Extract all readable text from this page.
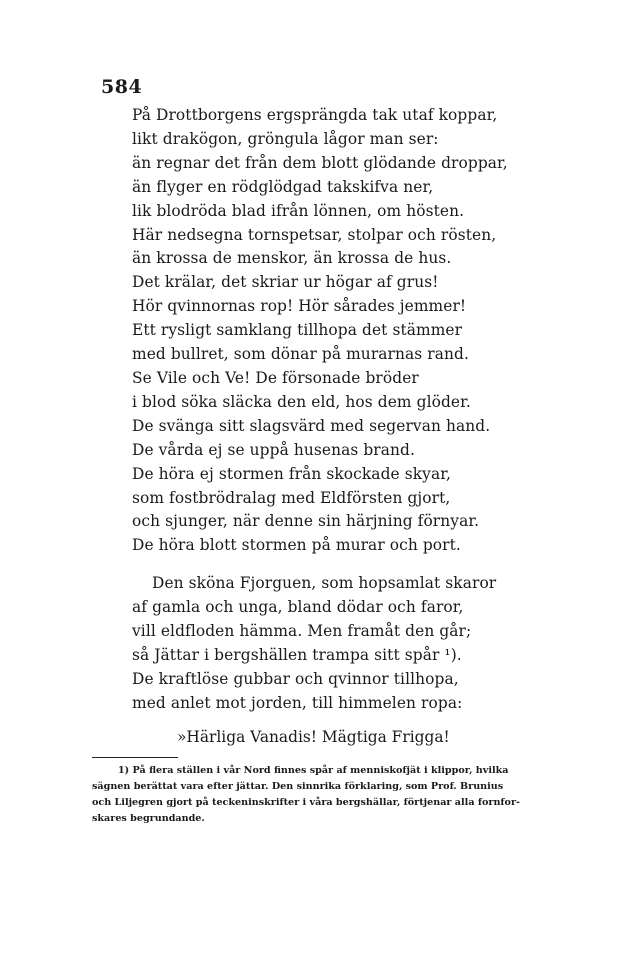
584
På Drottborgens ergsprängda tak utaf koppar,
likt drakögon, gröngula lågor man ser:
än regnar det från dem blott glödande droppar,
än flyger en rödglödgad takskifva ner,
lik blodröda blad ifrån lönnen, om hösten.
Här nedsegna tornspetsar, stolpar och rösten,
än krossa de menskor, än krossa de hus.
Det krälar, det skriar ur högar af grus!
Hör qvinnornas rop! Hör sårades jemmer!
Ett rysligt samklang tillhopa det stämmer
med bullret, som dönar på murarnas rand.
Se Vile och Ve! De försonade bröder
i blod söka släcka den eld, hos dem glöder.
De svänga sitt slagsvärd med segervan hand.
De vårda ej se uppå husenas brand.
De höra ej stormen från skockade skyar,
som fostbrödralag med Eldförsten gjort,
och sjunger, när denne sin härjning förnyar.
De höra blott stormen på murar och port.
Den sköna Fjorguen, som hopsamlat skaror
af gamla och unga, bland dödar och faror,
vill eldfloden hämma. Men framåt den går;
så Jättar i bergshällen trampa sitt spår ¹).
De kraftlöse gubbar och qvinnor tillhopa,
med anlet mot jorden, till himmelen ropa:
»Härliga Vanadis! Mägtiga Frigga!
1) På flera ställen i vår Nord finnes spår af menniskofjät i klippor, hvilka
sägnen berättat vara efter jättar. Den sinnrika förklaring, som Prof. Brunius
och Liljegren gjort på teckeninskrifter i våra bergshällar, förtjenar alla fornfor-
skares begrundande.
